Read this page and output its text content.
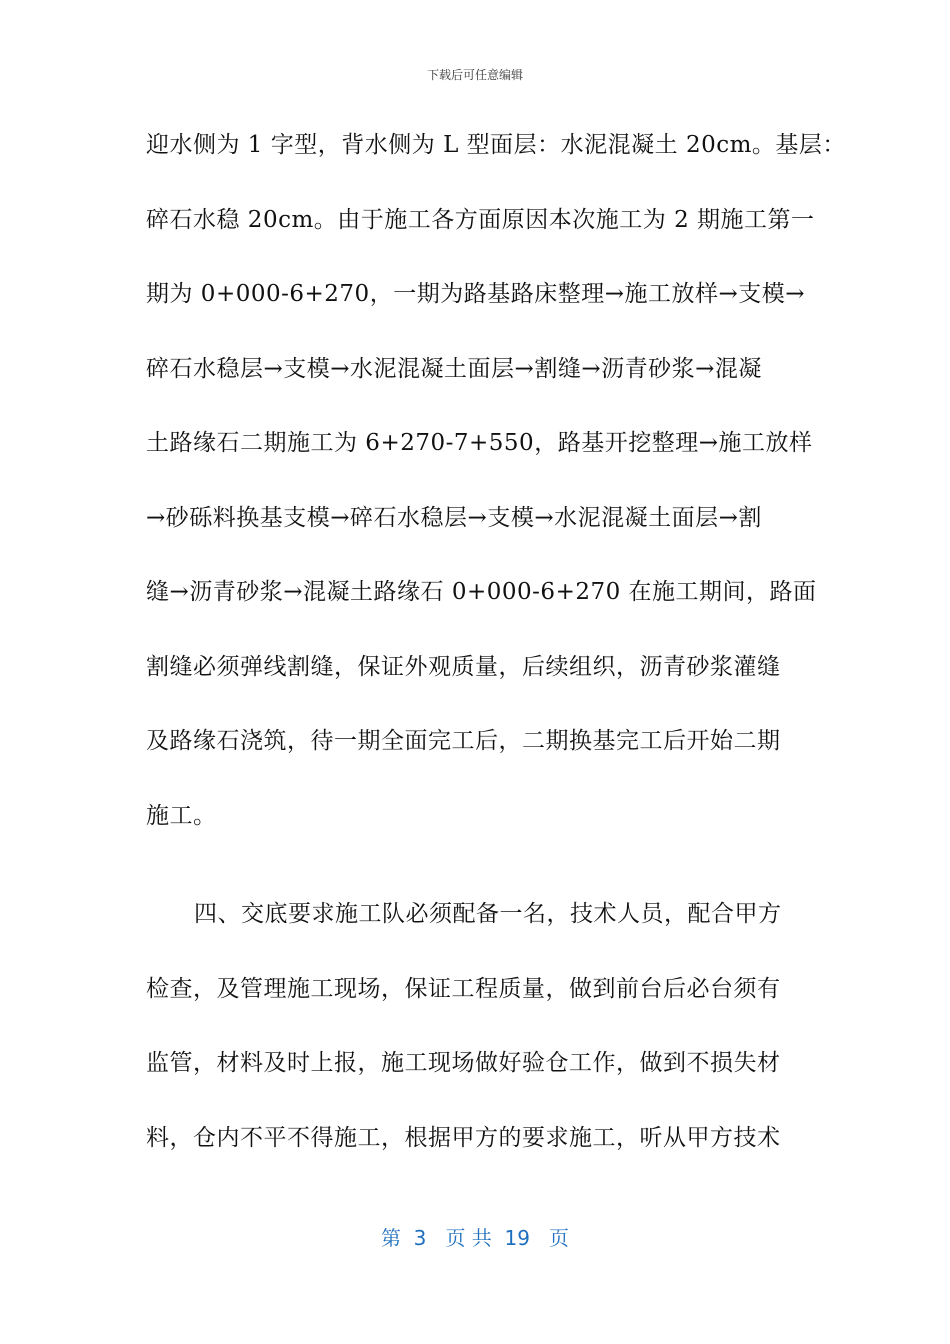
下载后可任意编辑
迎水侧为 1 字型，背水侧为 L 型面层：水泥混凝土 20cm。基层：
碎石水稳 20cm。由于施工各方面原因本次施工为 2 期施工第一
期为 0+000-6+270，一期为路基路床整理→施工放样→支模→
碎石水稳层→支模→水泥混凝土面层→割缝→沥青砂浆→混凝
土路缘石二期施工为 6+270-7+550，路基开挖整理→施工放样
→砂砾料换基支模→碎石水稳层→支模→水泥混凝土面层→割
缝→沥青砂浆→混凝土路缘石 0+000-6+270 在施工期间，路面
割缝必须弹线割缝，保证外观质量，后续组织，沥青砂浆灌缝
及路缘石浇筑，待一期全面完工后，二期换基完工后开始二期
施工。
四、交底要求施工队必须配备一名，技术人员，配合甲方
检查，及管理施工现场，保证工程质量，做到前台后必台须有
监管，材料及时上报，施工现场做好验仓工作，做到不损失材
料，仓内不平不得施工，根据甲方的要求施工，听从甲方技术
第  3   页 共  19   页
